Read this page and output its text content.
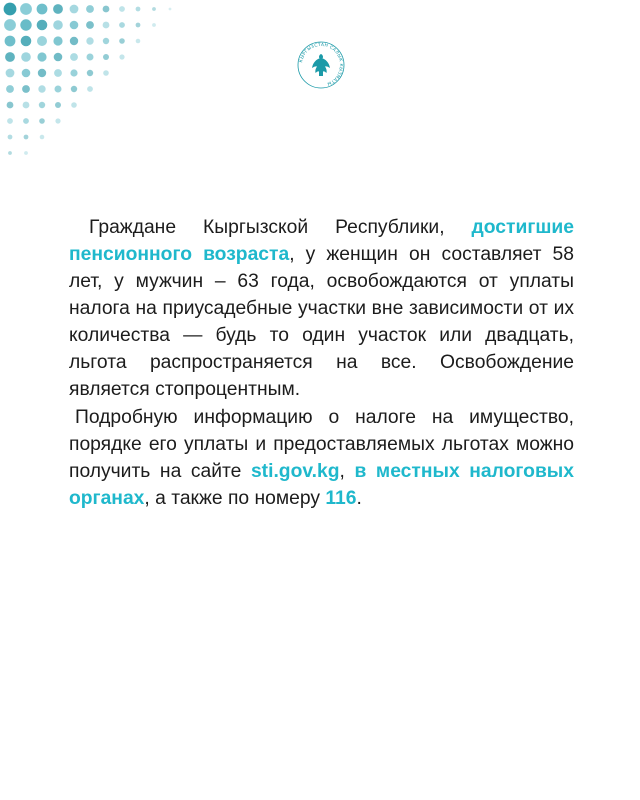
КЫРГЫЗСТАН САЛЫК КЫЗМАТЫ

Граждане Кыргызской Республики, достигшие пенсионного возраста, у женщин он составляет 58 лет, у мужчин – 63 года, освобождаются от уплаты налога на приусадебные участки вне зависимости от их количества — будь то один участок или двадцать, льгота распространяется на все. Освобождение является стопроцентным.

Подробную информацию о налоге на имущество, порядке его уплаты и предоставляемых льготах можно получить на сайте sti.gov.kg, в местных налоговых органах, а также по номеру 116.
